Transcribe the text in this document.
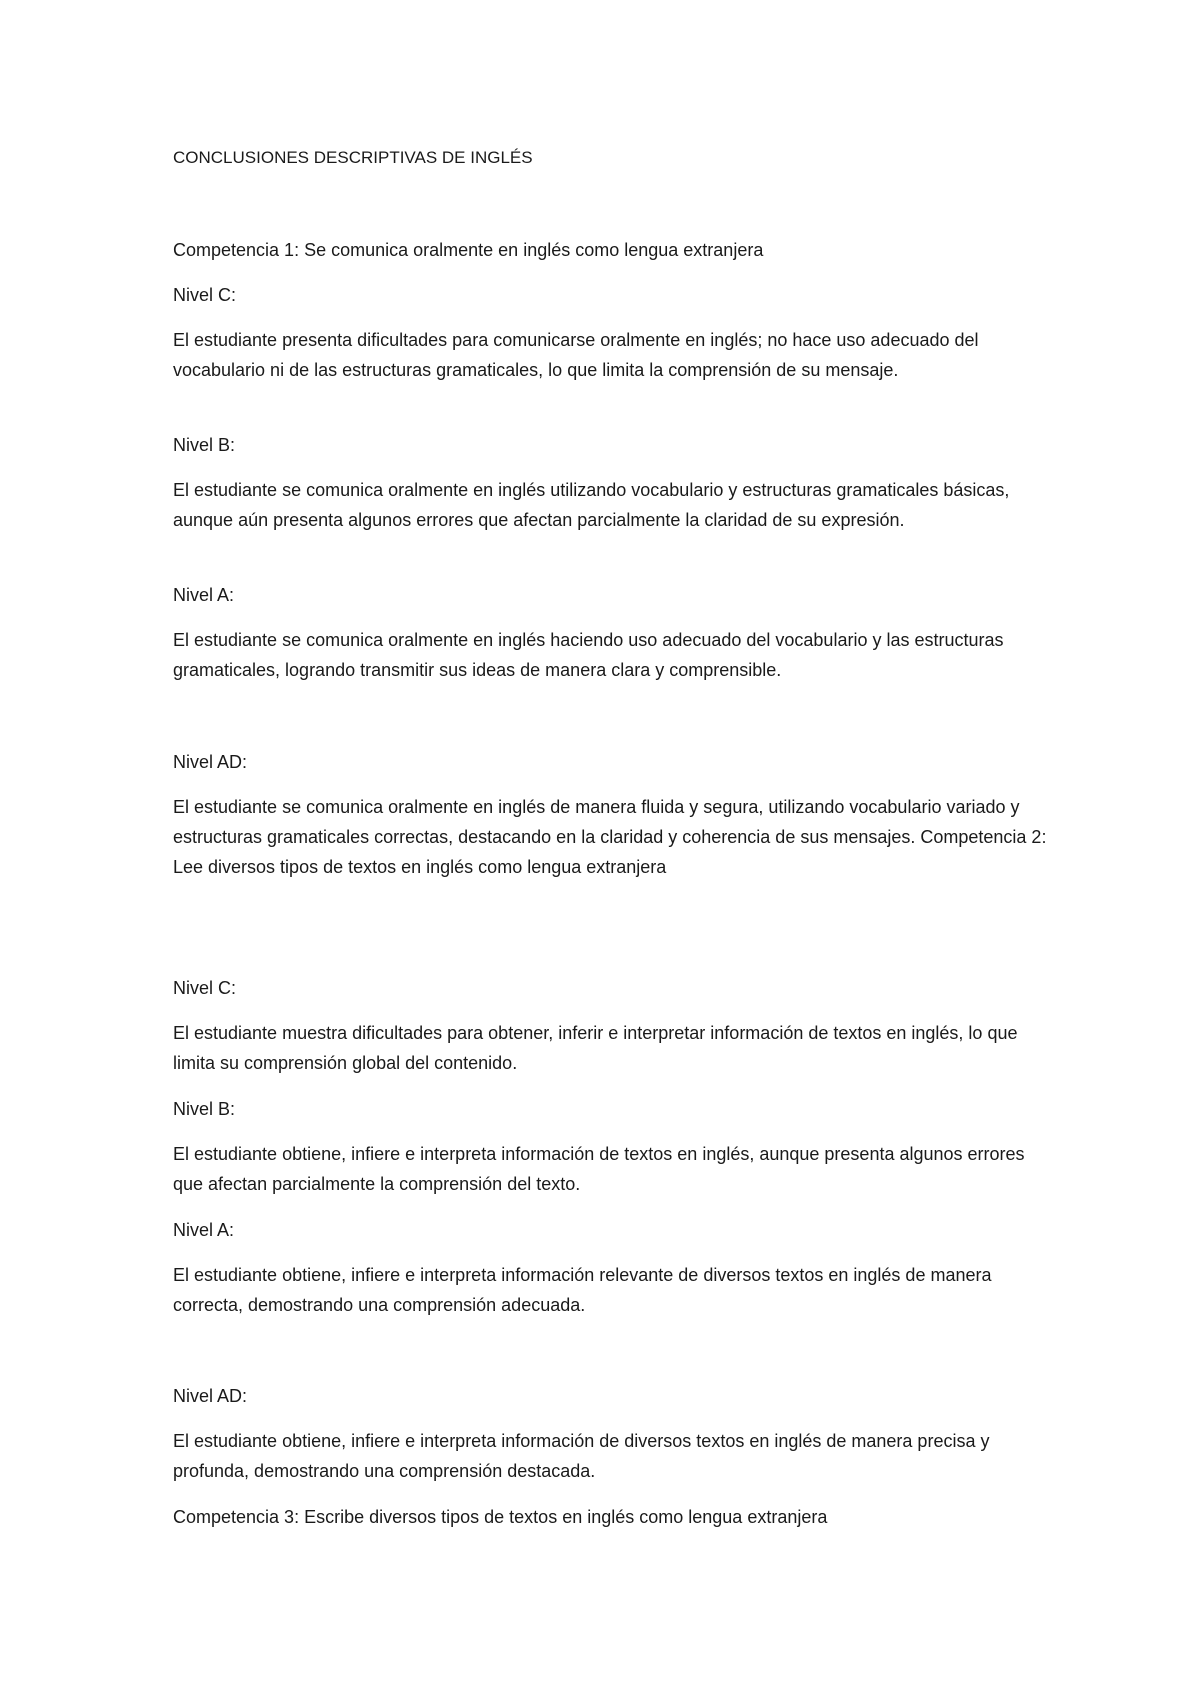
CONCLUSIONES DESCRIPTIVAS DE INGLÉS

Competencia 1: Se comunica oralmente en inglés como lengua extranjera

Nivel C:

El estudiante presenta dificultades para comunicarse oralmente en inglés; no hace uso adecuado del vocabulario ni de las estructuras gramaticales, lo que limita la comprensión de su mensaje.

Nivel B:

El estudiante se comunica oralmente en inglés utilizando vocabulario y estructuras gramaticales básicas, aunque aún presenta algunos errores que afectan parcialmente la claridad de su expresión.

Nivel A:

El estudiante se comunica oralmente en inglés haciendo uso adecuado del vocabulario y las estructuras gramaticales, logrando transmitir sus ideas de manera clara y comprensible.

Nivel AD:

El estudiante se comunica oralmente en inglés de manera fluida y segura, utilizando vocabulario variado y estructuras gramaticales correctas, destacando en la claridad y coherencia de sus mensajes. Competencia 2: Lee diversos tipos de textos en inglés como lengua extranjera

Nivel C:

El estudiante muestra dificultades para obtener, inferir e interpretar información de textos en inglés, lo que limita su comprensión global del contenido.

Nivel B:

El estudiante obtiene, infiere e interpreta información de textos en inglés, aunque presenta algunos errores que afectan parcialmente la comprensión del texto.

Nivel A:

El estudiante obtiene, infiere e interpreta información relevante de diversos textos en inglés de manera correcta, demostrando una comprensión adecuada.

Nivel AD:

El estudiante obtiene, infiere e interpreta información de diversos textos en inglés de manera precisa y profunda, demostrando una comprensión destacada.

Competencia 3: Escribe diversos tipos de textos en inglés como lengua extranjera
